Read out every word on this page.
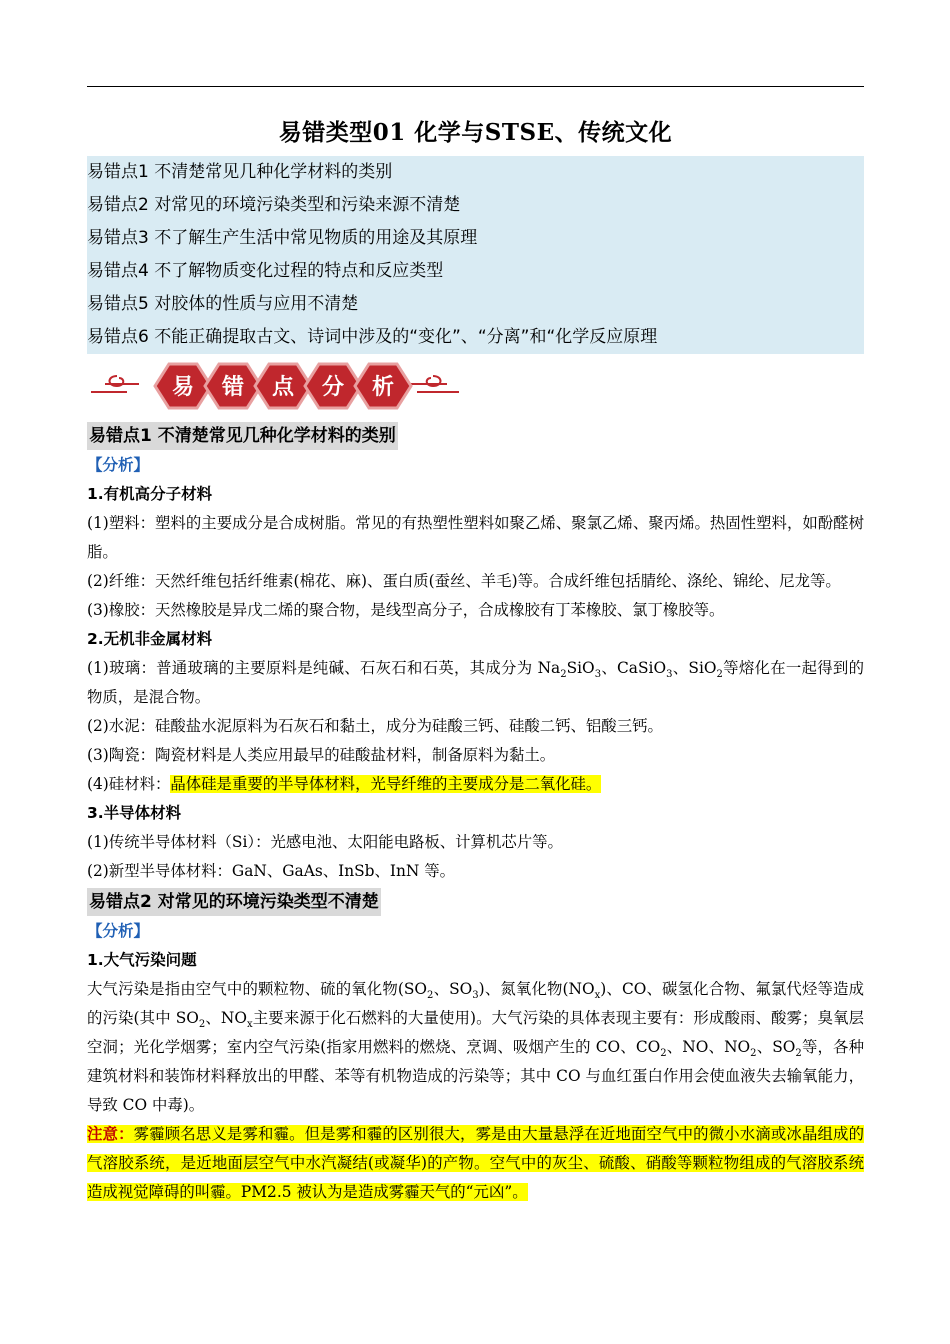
易错类型01 化学与STSE、传统文化
易错点1 不清楚常见几种化学材料的类别
易错点2 对常见的环境污染类型和污染来源不清楚
易错点3 不了解生产生活中常见物质的用途及其原理
易错点4 不了解物质变化过程的特点和反应类型
易错点5 对胶体的性质与应用不清楚
易错点6 不能正确提取古文、诗词中涉及的“变化”、“分离”和“化学反应原理
易 错 点 分 析
易错点1 不清楚常见几种化学材料的类别
【分析】
1.有机高分子材料
(1)塑料：塑料的主要成分是合成树脂。常见的有热塑性塑料如聚乙烯、聚氯乙烯、聚丙烯。热固性塑料，如酚醛树脂。
(2)纤维：天然纤维包括纤维素(棉花、麻)、蛋白质(蚕丝、羊毛)等。合成纤维包括腈纶、涤纶、锦纶、尼龙等。
(3)橡胶：天然橡胶是异戊二烯的聚合物，是线型高分子，合成橡胶有丁苯橡胶、氯丁橡胶等。
2.无机非金属材料
(1)玻璃：普通玻璃的主要原料是纯碱、石灰石和石英，其成分为 $Na_2SiO_3$、CaSiO$_3$、SiO$_2$等熔化在一起得到的物质，是混合物。
(2)水泥：硅酸盐水泥原料为石灰石和黏土，成分为硅酸三钙、硅酸二钙、铝酸三钙。
(3)陶瓷：陶瓷材料是人类应用最早的硅酸盐材料，制备原料为黏土。
(4)硅材料：晶体硅是重要的半导体材料，光导纤维的主要成分是二氧化硅。
3.半导体材料
(1)传统半导体材料（Si）：光感电池、太阳能电路板、计算机芯片等。
(2)新型半导体材料：GaN、GaAs、InSb、InN 等。
易错点2 对常见的环境污染类型不清楚
【分析】
1.大气污染问题
大气污染是指由空气中的颗粒物、硫的氧化物($SO_2$、$SO_3$)、氮氧化物$(NO_x)$、CO、碳氢化合物、氟氯代烃等造成的污染(其中 $SO_2$、$NO_x$主要来源于化石燃料的大量使用)。大气污染的具体表现主要有：形成酸雨、酸雾；臭氧层空洞；光化学烟雾；室内空气污染(指家用燃料的燃烧、烹调、吸烟产生的 CO、$CO_2$、NO、$NO_2$、$SO_2$等，各种建筑材料和装饰材料释放出的甲醛、苯等有机物造成的污染等；其中 CO 与血红蛋白作用会使血液失去输氧能力，导致 CO 中毒)。
注意：雾霾顾名思义是雾和霾。但是雾和霾的区别很大，雾是由大量悬浮在近地面空气中的微小水滴或冰晶组成的气溶胶系统，是近地面层空气中水汽凝结(或凝华)的产物。空气中的灰尘、硫酸、硝酸等颗粒物组成的气溶胶系统造成视觉障碍的叫霾。PM2.5 被认为是造成雾霾天气的“元凶”。
